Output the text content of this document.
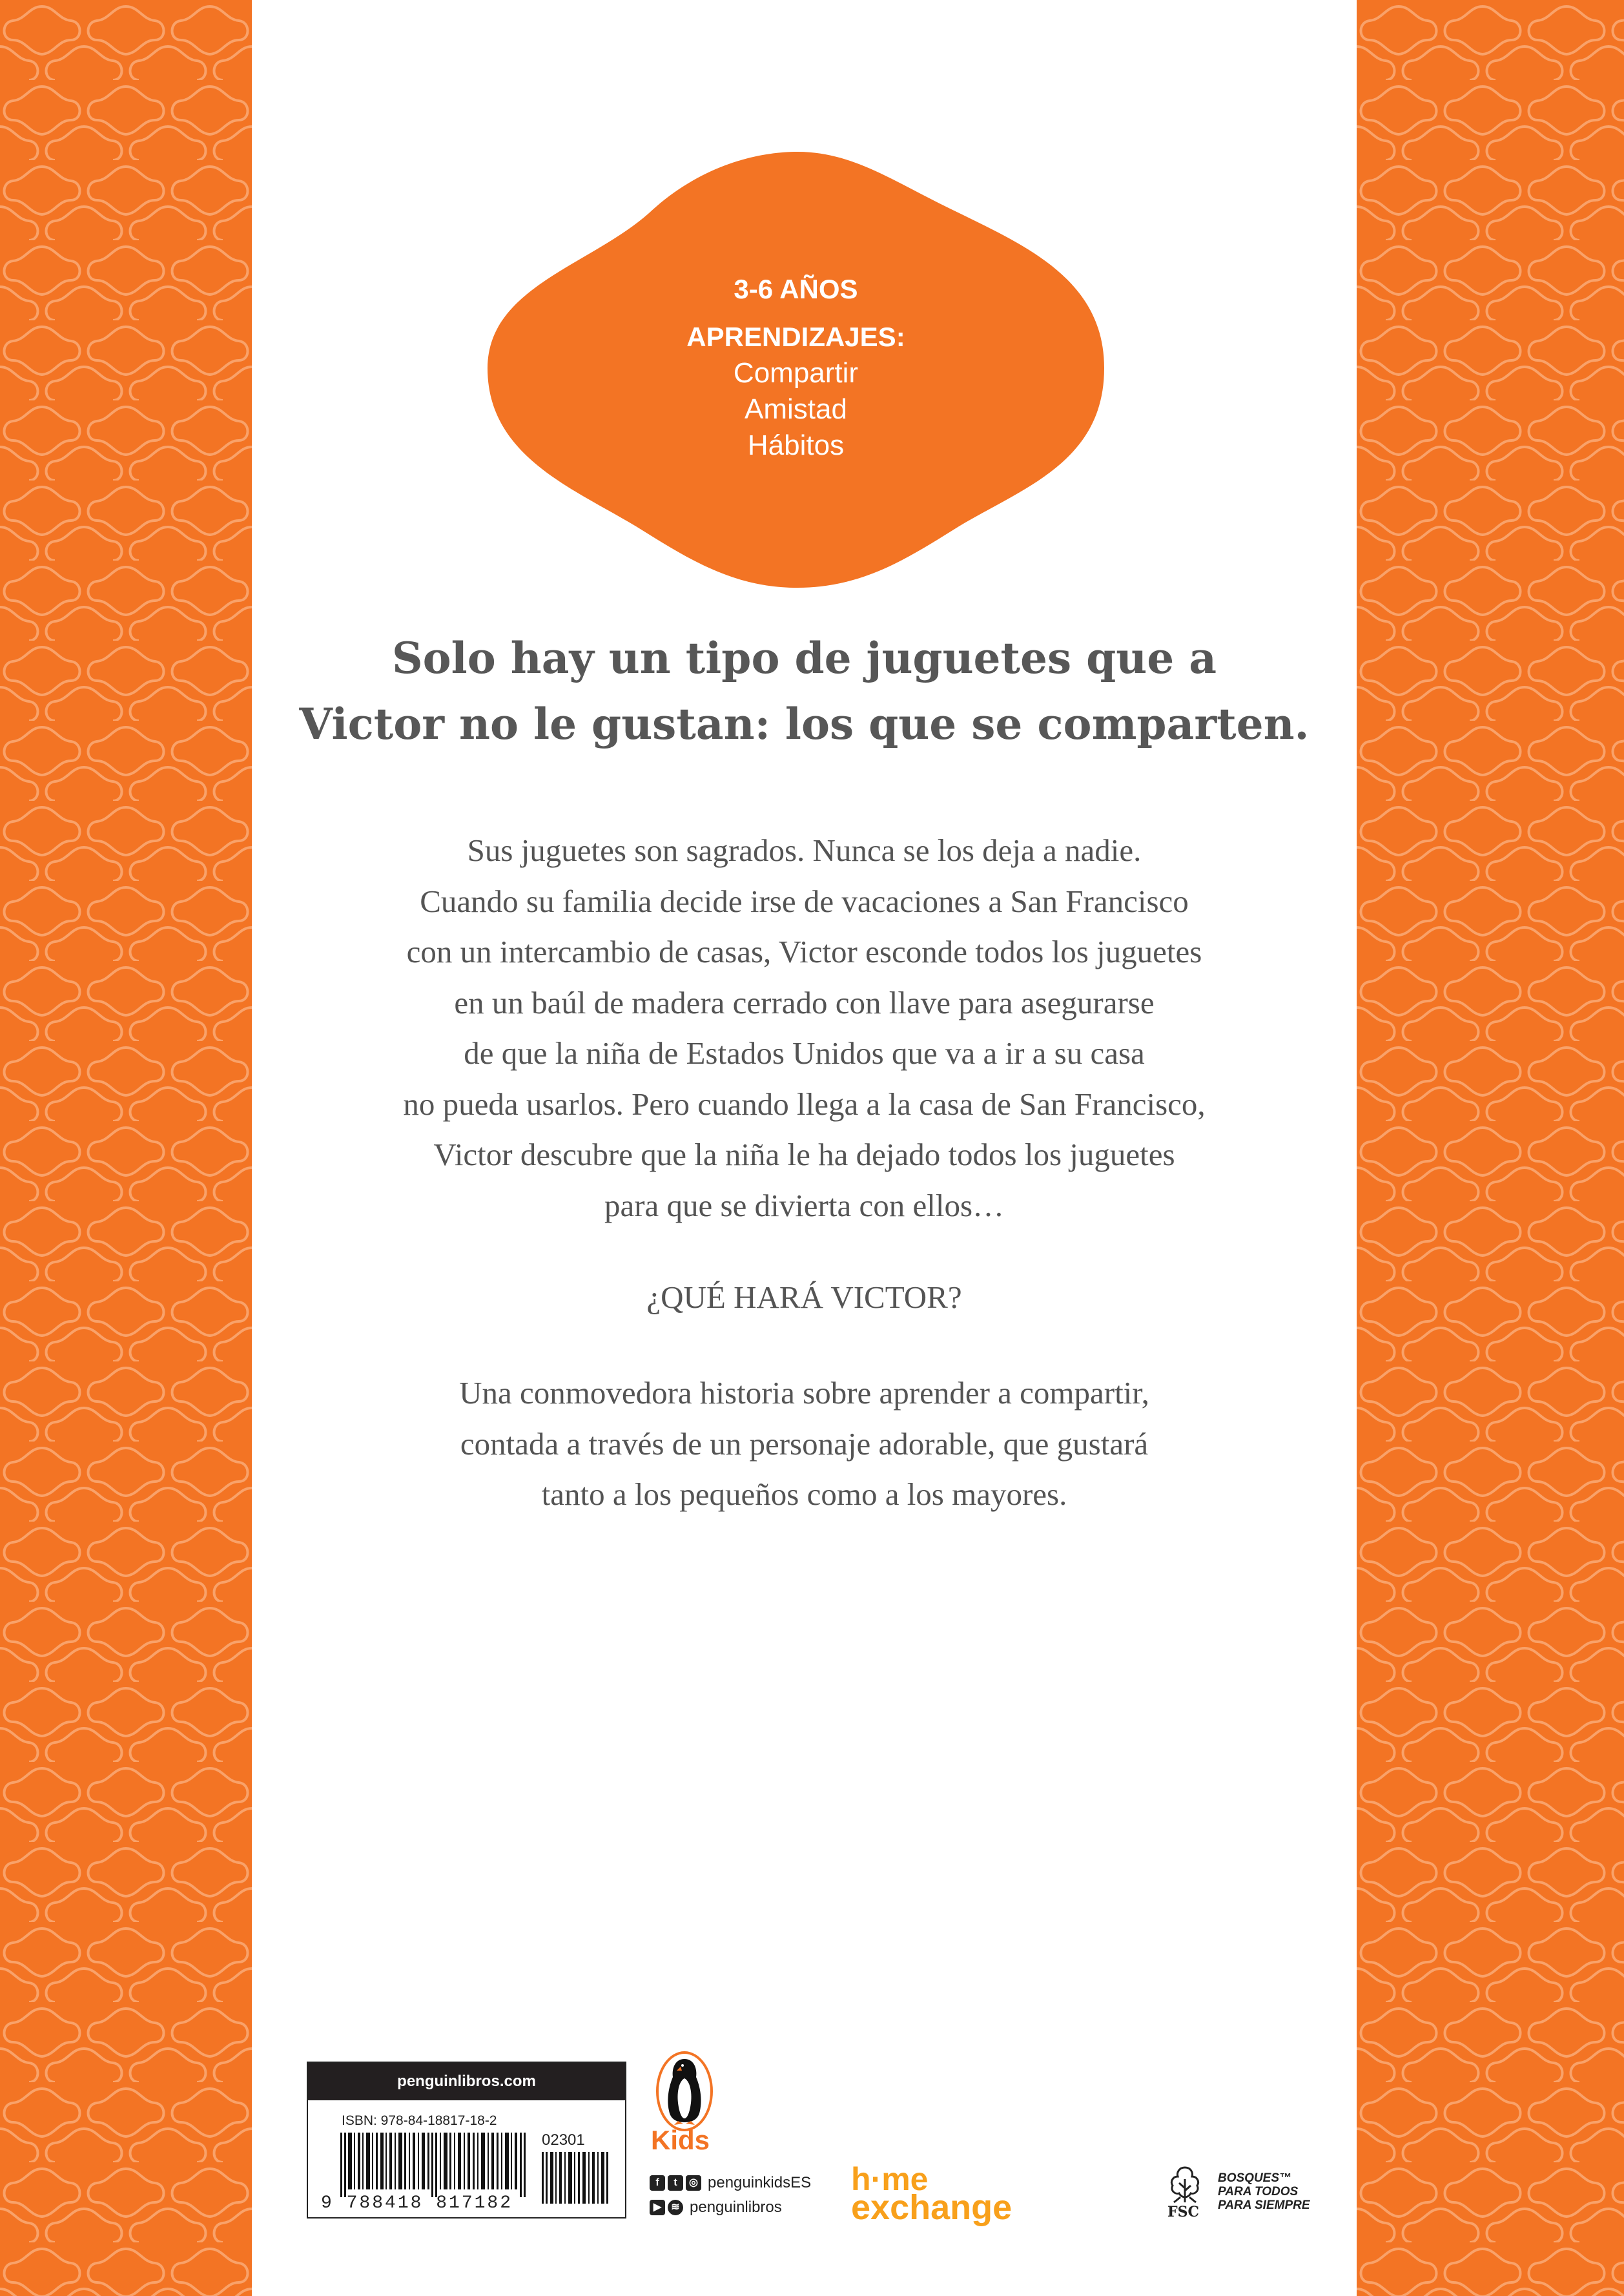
3-6 AÑOS
APRENDIZAJES:
Compartir
Amistad
Hábitos
Solo hay un tipo de juguetes que a
Victor no le gustan: los que se comparten.
Sus juguetes son sagrados. Nunca se los deja a nadie.
Cuando su familia decide irse de vacaciones a San Francisco
con un intercambio de casas, Victor esconde todos los juguetes
en un baúl de madera cerrado con llave para asegurarse
de que la niña de Estados Unidos que va a ir a su casa
no pueda usarlos. Pero cuando llega a la casa de San Francisco,
Victor descubre que la niña le ha dejado todos los juguetes
para que se divierta con ellos…
¿QUÉ HARÁ VICTOR?
Una conmovedora historia sobre aprender a compartir,
contada a través de un personaje adorable, que gustará
tanto a los pequeños como a los mayores.
penguinlibros.com
ISBN: 978-84-18817-18-2
02301
9 788418 817182
Kids
f	t	◎ penguinkidsES
▶ ≋ penguinlibros
h·me
exchange	FSC
BOSQUES™
PARA TODOS
PARA SIEMPRE
